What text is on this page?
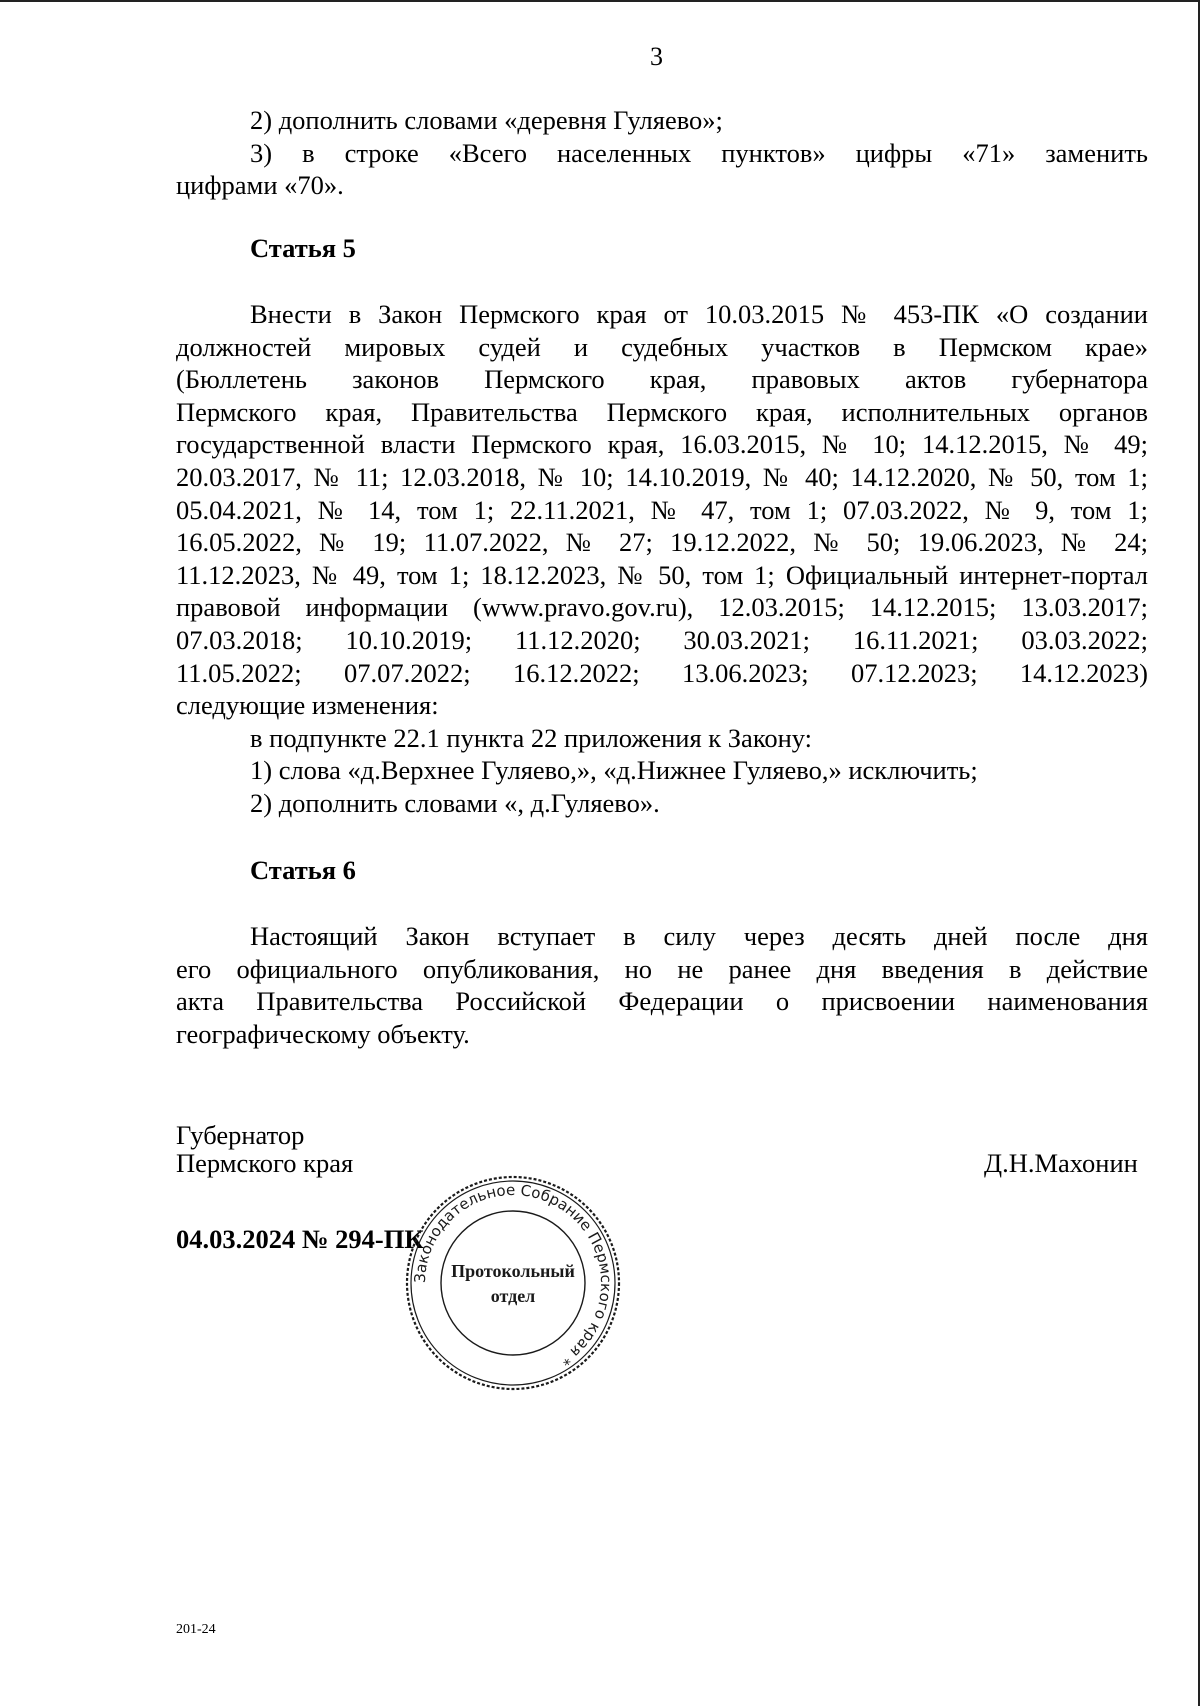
3
2) дополнить словами «деревня Гуляево»;
3) в строке «Всего населенных пунктов» цифры «71» заменить
цифрами «70».
Статья 5
Внести в Закон Пермского края от 10.03.2015 № 453-ПК «О создании
должностей мировых судей и судебных участков в Пермском крае»
(Бюллетень законов Пермского края, правовых актов губернатора
Пермского края, Правительства Пермского края, исполнительных органов
государственной власти Пермского края, 16.03.2015, № 10; 14.12.2015, № 49;
20.03.2017, № 11; 12.03.2018, № 10; 14.10.2019, № 40; 14.12.2020, № 50, том 1;
05.04.2021, № 14, том 1; 22.11.2021, № 47, том 1; 07.03.2022, № 9, том 1;
16.05.2022, № 19; 11.07.2022, № 27; 19.12.2022, № 50; 19.06.2023, № 24;
11.12.2023, № 49, том 1; 18.12.2023, № 50, том 1; Официальный интернет-портал
правовой информации (www.pravo.gov.ru), 12.03.2015; 14.12.2015; 13.03.2017;
07.03.2018; 10.10.2019; 11.12.2020; 30.03.2021; 16.11.2021; 03.03.2022;
11.05.2022; 07.07.2022; 16.12.2022; 13.06.2023; 07.12.2023; 14.12.2023)
следующие изменения:
в подпункте 22.1 пункта 22 приложения к Закону:
1) слова «д.Верхнее Гуляево,», «д.Нижнее Гуляево,» исключить;
2) дополнить словами «, д.Гуляево».
Статья 6
Настоящий Закон вступает в силу через десять дней после дня
его официального опубликования, но не ранее дня введения в действие
акта Правительства Российской Федерации о присвоении наименования
географическому объекту.
Губернатор
Пермского края	Д.Н.Махонин
04.03.2024 № 294-ПК
Законодательное Собрание Пермского края *
Протокольный
отдел
201-24
